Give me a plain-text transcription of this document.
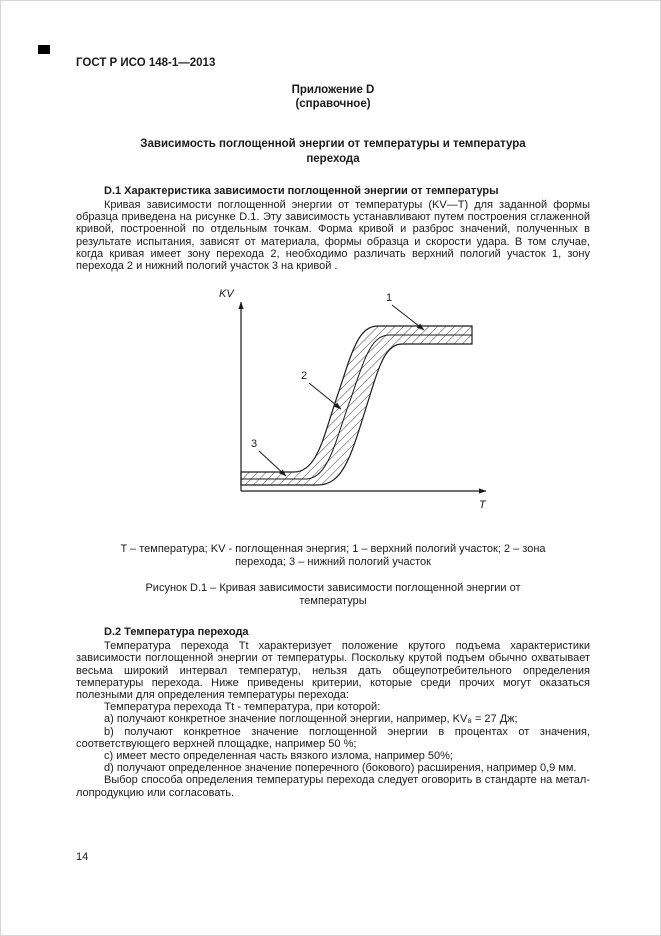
ГОСТ Р ИСО 148-1—2013
Приложение D
(справочное)
Зависимость поглощенной энергии от температуры и температура перехода

D.1 Характеристика зависимости поглощенной энергии от температуры

Кривая зависимости поглощенной энергии от температуры (KV—T) для заданной формы образца приведена на рисунке D.1. Эту зависимость устанавливают путем построения сглаженной кривой, построенной по отдельным точкам. Форма кривой и разброс значений, полученных в результате испытания, зависят от материала, формы образца и скорости удара. В том случае, когда кривая имеет зону перехода 2, необходимо различать верхний пологий участок 1, зону перехода 2 и нижний пологий участок 3 на кривой .

KV
T
1
2
3
T – температура; KV - поглощенная энергия; 1 – верхний пологий участок; 2 – зона перехода; 3 – нижний пологий участок
Рисунок D.1 – Кривая зависимости зависимости поглощенной энергии от температуры

D.2 Температура перехода

Температура перехода Тt характеризует положение крутого подъема характеристики зависимости поглощенной энергии от температуры. Поскольку крутой подъем обычно охватывает весьма широкий интервал температур, нельзя дать общеупотребительного определения температуры перехода. Ниже приведены критерии, которые среди прочих могут оказаться полезными для определения температуры перехода:

Температура перехода Тt - температура, при которой:

a) получают конкретное значение поглощенной энергии, например, KV₈ = 27 Дж;

b) получают конкретное значение поглощенной энергии в процентах от значения, соответствующего верхней площадке, например 50 %;

c) имеет место определенная часть вязкого излома, например 50%;

d) получают определенное значение поперечного (бокового) расширения, например 0,9 мм.

Выбор способа определения температуры перехода следует оговорить в стандарте на метал-лопродукцию или согласовать.

14
